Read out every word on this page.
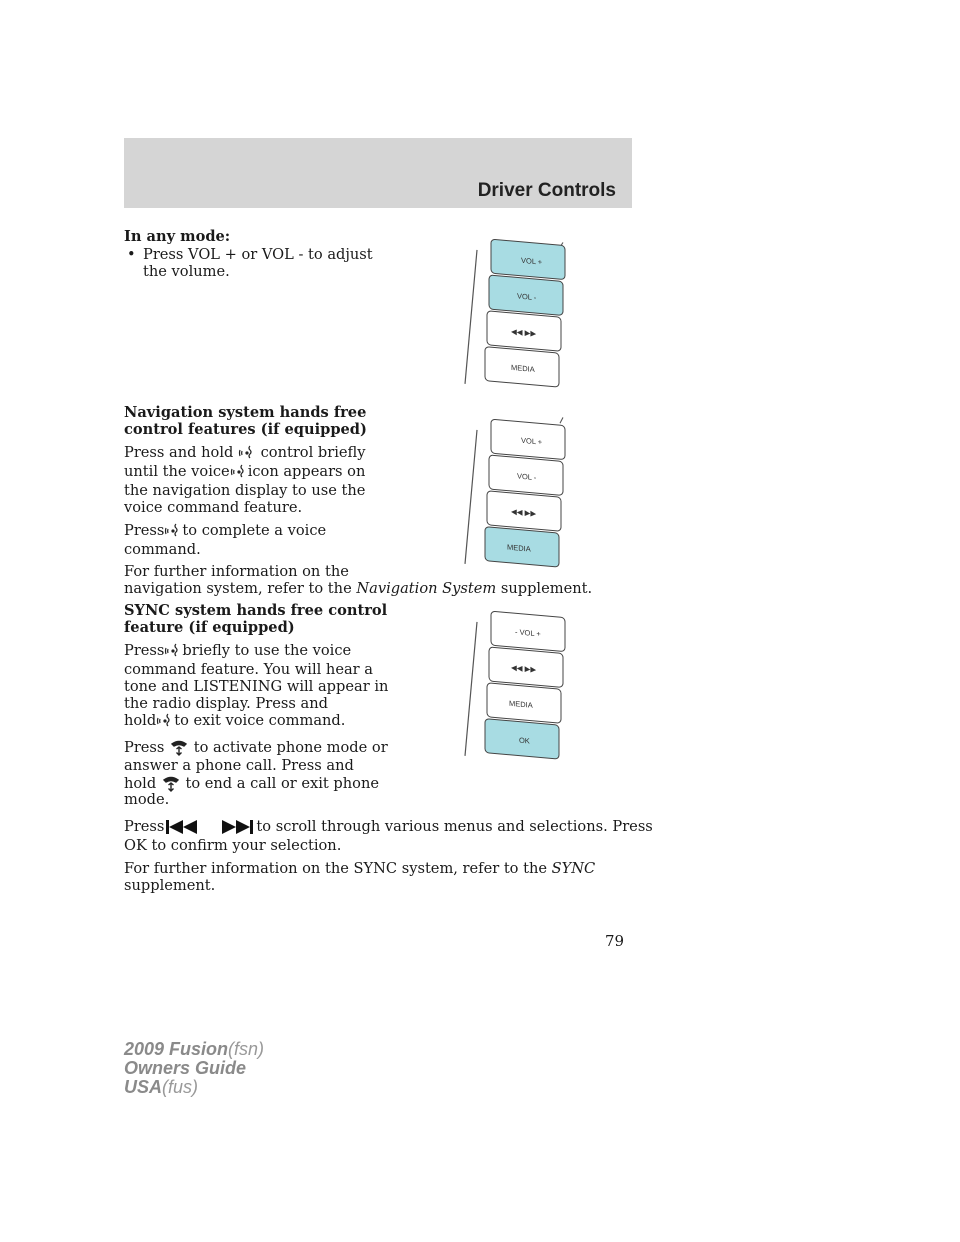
Driver Controls
In any mode:
• Press VOL + or VOL - to adjust
the volume.
Navigation system hands free
control features (if equipped)
Press and hold control briefly
until the voice icon appears on
the navigation display to use the
voice command feature.
Press to complete a voice
command.
For further information on the
navigation system, refer to the Navigation System supplement.
SYNC system hands free control
feature (if equipped)
Press briefly to use the voice
command feature. You will hear a
tone and LISTENING will appear in
the radio display. Press and
hold to exit voice command.
Press to activate phone mode or
answer a phone call. Press and
hold to end a call or exit phone
mode.
Press	to scroll through various menus and selections. Press
OK to confirm your selection.
For further information on the SYNC system, refer to the SYNC
supplement.
VOL +
VOL -
◀◀ ▶▶
MEDIA
VOL +
VOL -
◀◀ ▶▶
MEDIA
- VOL +
◀◀ ▶▶
MEDIA
OK
79
2009 Fusion(fsn)
Owners Guide
USA(fus)
